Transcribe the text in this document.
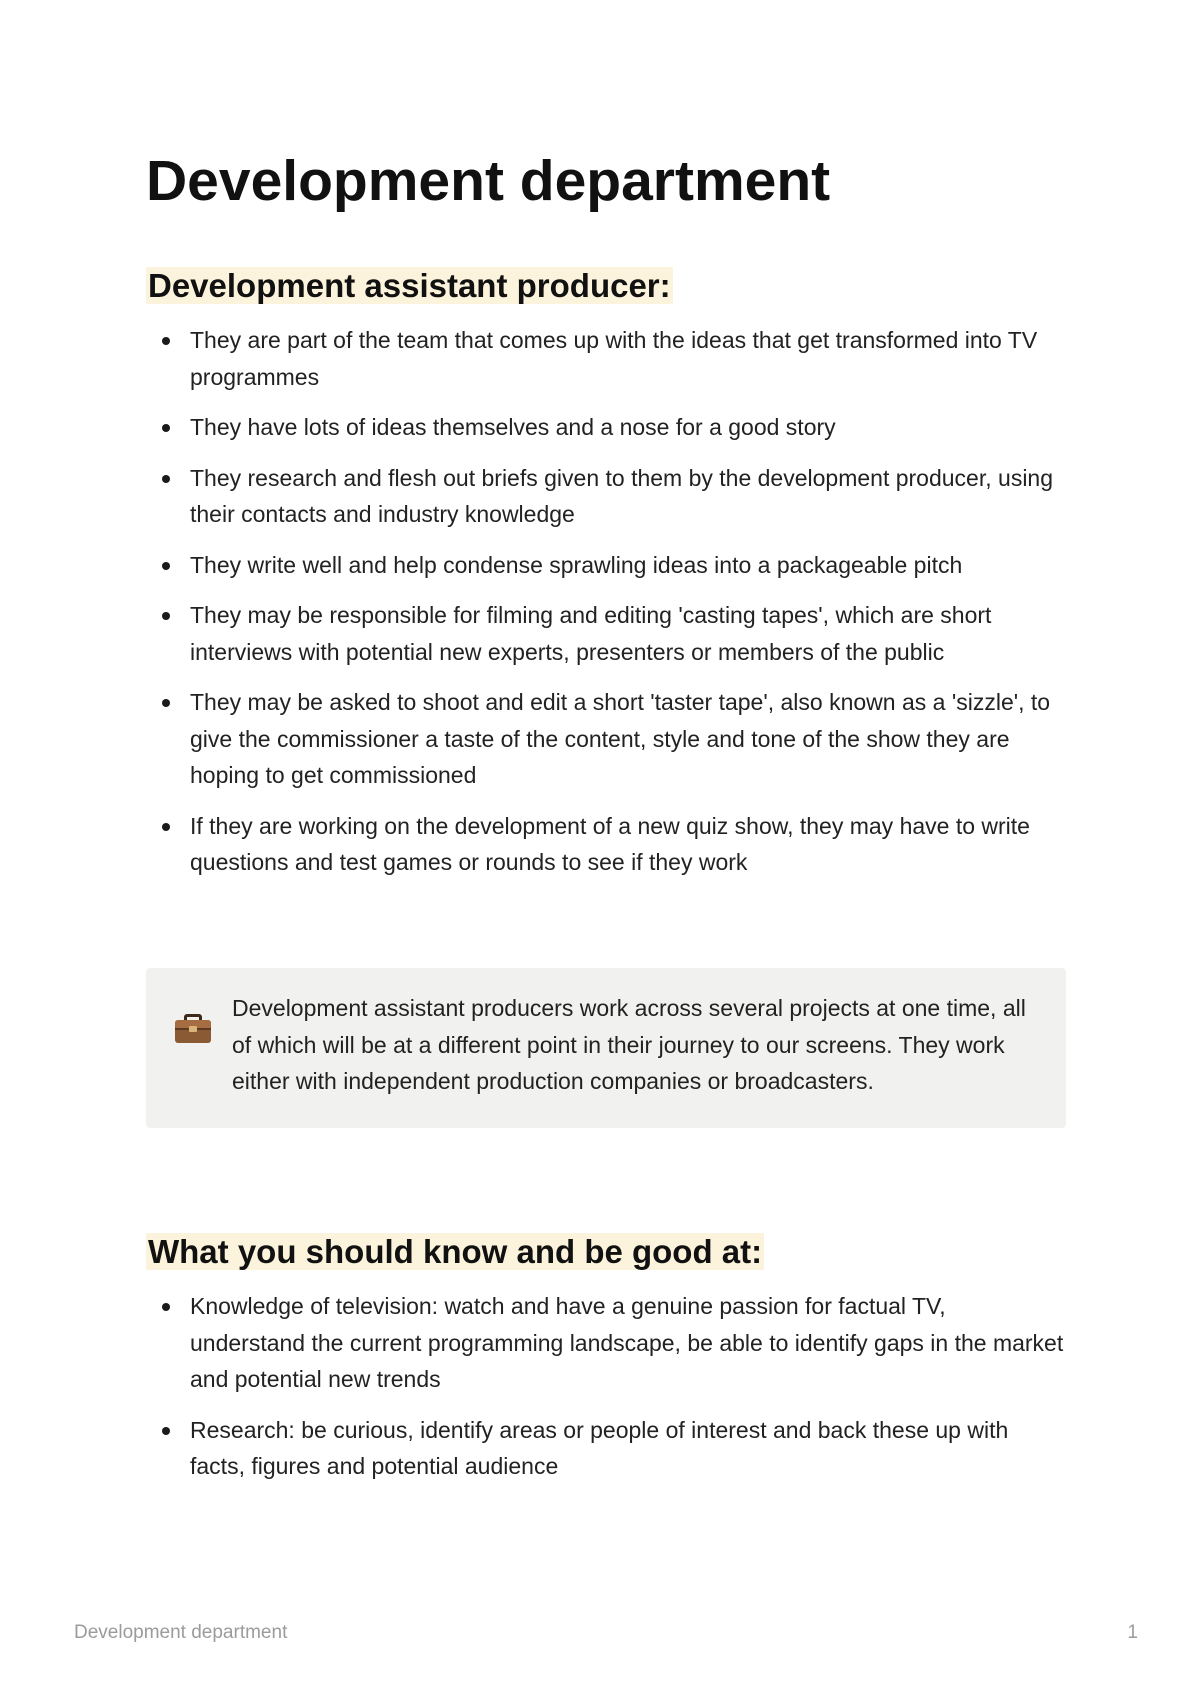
Development department
Development assistant producer:
They are part of the team that comes up with the ideas that get transformed into TV programmes
They have lots of ideas themselves and a nose for a good story
They research and flesh out briefs given to them by the development producer, using their contacts and industry knowledge
They write well and help condense sprawling ideas into a packageable pitch
They may be responsible for filming and editing 'casting tapes', which are short interviews with potential new experts, presenters or members of the public
They may be asked to shoot and edit a short 'taster tape', also known as a 'sizzle', to give the commissioner a taste of the content, style and tone of the show they are hoping to get commissioned
If they are working on the development of a new quiz show, they may have to write questions and test games or rounds to see if they work

Development assistant producers work across several projects at one time, all of which will be at a different point in their journey to our screens. They work either with independent production companies or broadcasters.

What you should know and be good at:
Knowledge of television: watch and have a genuine passion for factual TV, understand the current programming landscape, be able to identify gaps in the market and potential new trends
Research: be curious, identify areas or people of interest and back these up with facts, figures and potential audience
Development department	1
